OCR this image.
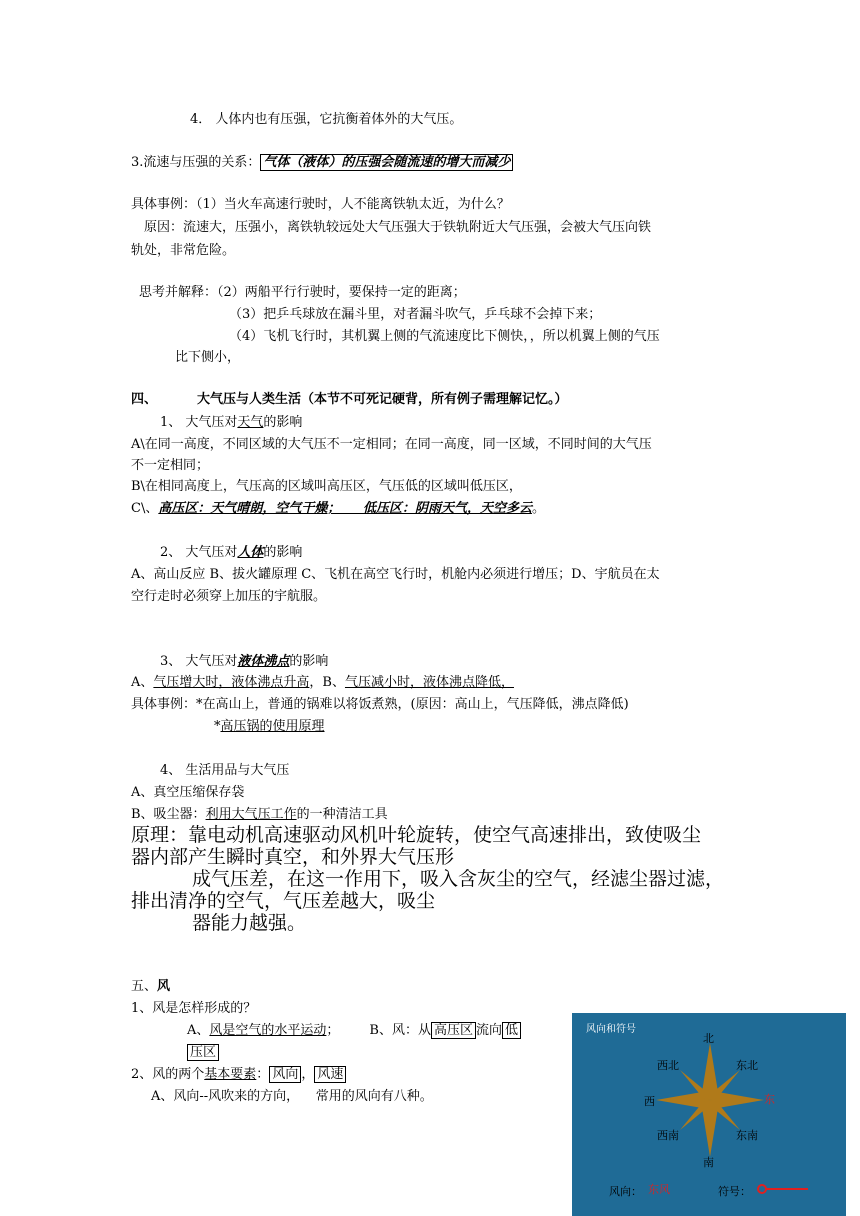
4． 人体内也有压强，它抗衡着体外的大气压。
3.流速与压强的关系： 气体（液体）的压强会随流速的增大而减少
具体事例：（1）当火车高速行驶时，人不能离铁轨太近，为什么？
原因：流速大，压强小，离铁轨较远处大气压强大于铁轨附近大气压强，会被大气压向铁
轨处，非常危险。
思考并解释：（2）两船平行行驶时，要保持一定的距离；
（3）把乒乓球放在漏斗里，对者漏斗吹气，乒乓球不会掉下来；
（4）飞机飞行时，其机翼上侧的气流速度比下侧快，，所以机翼上侧的气压
比下侧小，
四、	大气压与人类生活（本节不可死记硬背，所有例子需理解记忆。）
1、 大气压对天气的影响
A\在同一高度，不同区域的大气压不一定相同；在同一高度，同一区域，不同时间的大气压
不一定相同；
B\在相同高度上，气压高的区域叫高压区，气压低的区域叫低压区，
C\、高压区：天气晴朗，空气干燥；     低压区：阴雨天气，天空多云。
2、 大气压对人体的影响
A、高山反应 B、拔火罐原理 C、飞机在高空飞行时，机舱内必须进行增压；D、宇航员在太
空行走时必须穿上加压的宇航服。
3、 大气压对液体沸点的影响
A、气压增大时，液体沸点升高，B、气压减小时，液体沸点降低，
具体事例：*在高山上，普通的锅难以将饭煮熟，(原因：高山上，气压降低，沸点降低)
*高压锅的使用原理
4、 生活用品与大气压
A、真空压缩保存袋
B、吸尘器：利用大气压工作的一种清洁工具
原理：靠电动机高速驱动风机叶轮旋转，使空气高速排出，致使吸尘
器内部产生瞬时真空，和外界大气压形
成气压差，在这一作用下，吸入含灰尘的空气，经滤尘器过滤，
排出清净的空气，气压差越大，吸尘
器能力越强。
五、风
1、风是怎样形成的？
A、风是空气的水平运动； B、风：从 高压区 流向 低
压区
2、风的两个基本要素： 风向 ， 风速
A、风向--风吹来的方向，    常用的风向有八种。
风向和符号
北
西北	东北
西	东
西南	东南
南
风向： 东风	符号：
